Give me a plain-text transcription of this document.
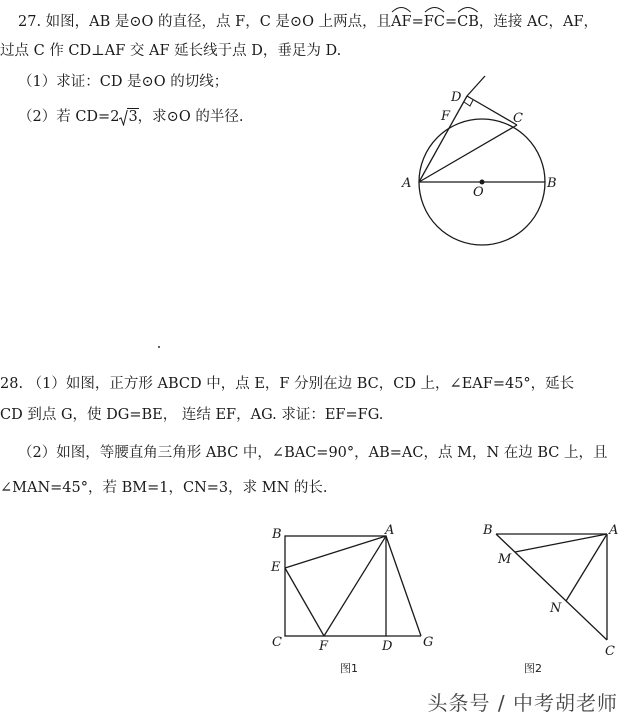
27. 如图，AB 是⊙O 的直径，点 F，C 是⊙O 上两点，且
AF=
FC=
CB，连接 AC，AF，
过点 C 作 CD⊥AF 交 AF 延长线于点 D，垂足为 D.
（1）求证：CD 是⊙O 的切线；
（2）若 CD=2 3，求⊙O 的半径.
A	B
C
D
F
O
28. （1）如图，正方形 ABCD 中，点 E，F 分别在边 BC，CD 上，∠EAF=45°，延长
CD 到点 G，使 DG=BE， 连结 EF，AG. 求证：EF=FG.
（2）如图，等腰直角三角形 ABC 中，∠BAC=90°，AB=AC，点 M，N 在边 BC 上，且
∠MAN=45°，若 BM=1，CN=3，求 MN 的长.
B	A
E
C	F	D G
图1
B	A
M
N
C
图2
头条号 / 中考胡老师
